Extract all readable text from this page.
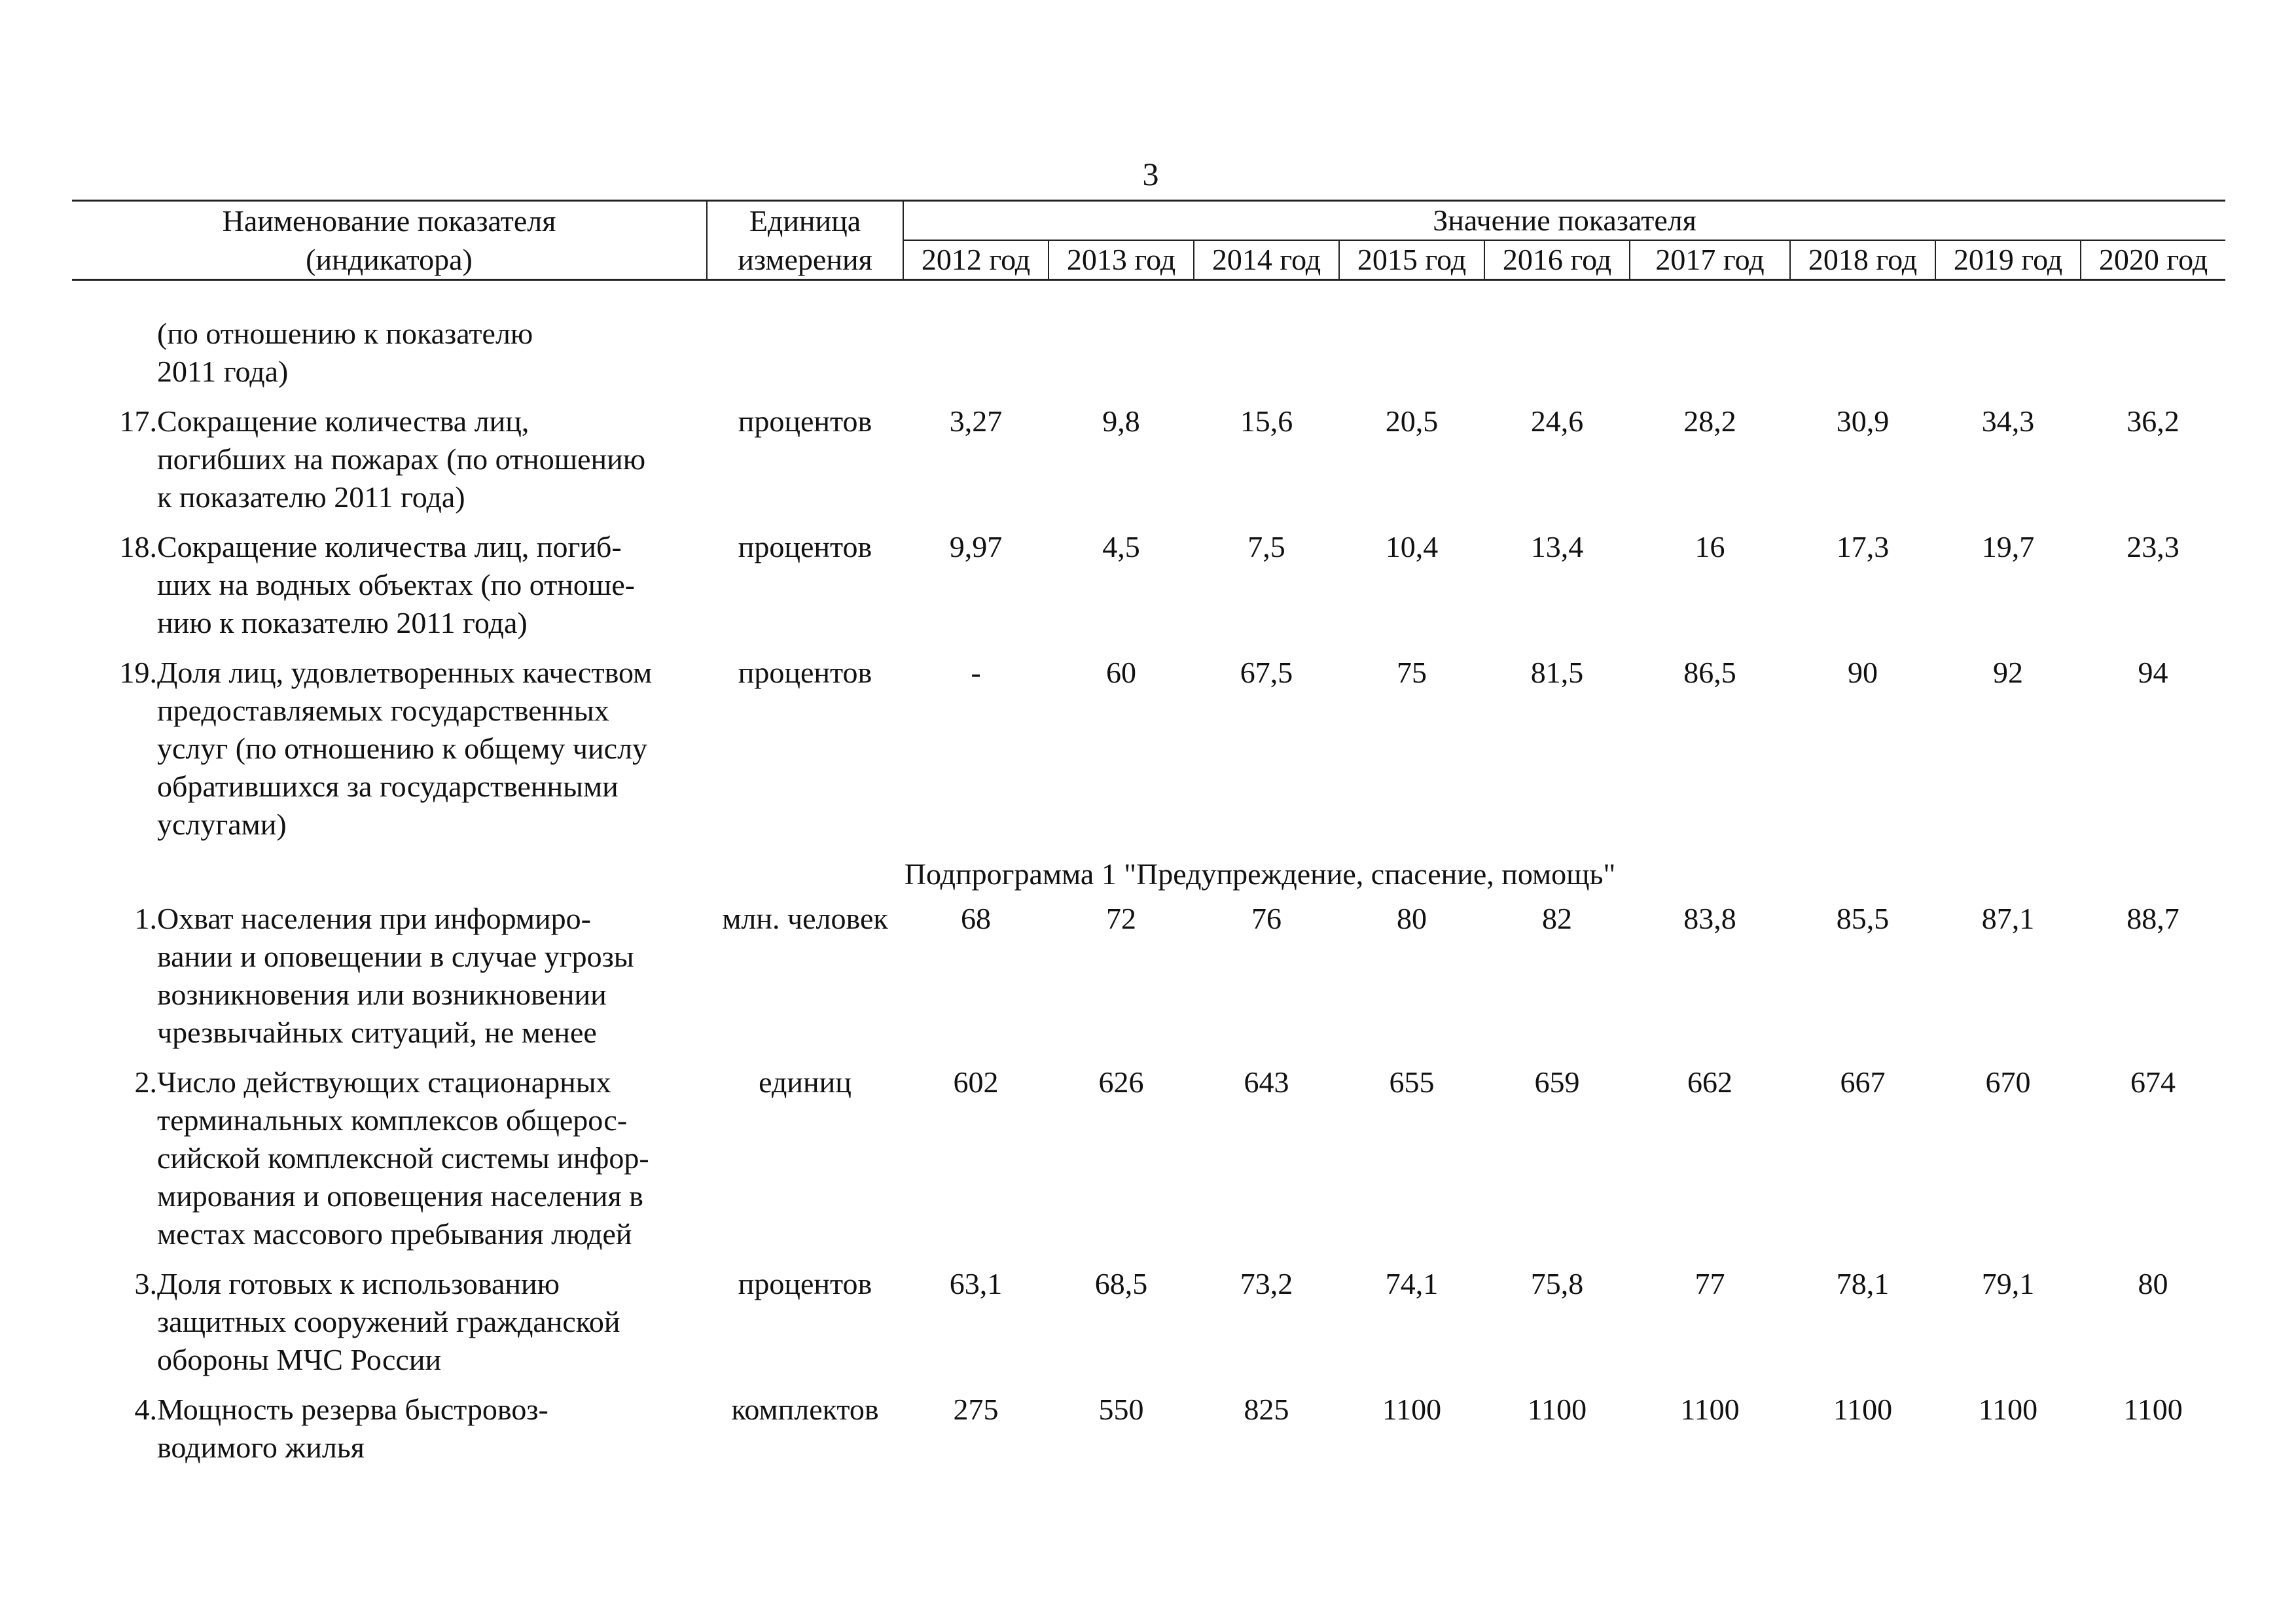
3
Наименование показателя		Единица	Значение показателя								
(индикатора)		измерения	2012 год	2013 год	2014 год	2015 год	2016 год	2017 год	2018 год	2019 год	2020 год

	(по отношению к показателю
2011 года)										

17.	Сокращение количества лиц,
погибших на пожарах (по отношению
к показателю 2011 года)	процентов	3,27	9,8	15,6	20,5	24,6	28,2	30,9	34,3	36,2
18.	Сокращение количества лиц, погиб-
ших на водных объектах (по отноше-
нию к показателю 2011 года)	процентов	9,97	4,5	7,5	10,4	13,4	16	17,3	19,7	23,3
19.	Доля лиц, удовлетворенных качеством
предоставляемых государственных
услуг (по отношению к общему числу
обратившихся за государственными
услугами)	процентов	-	60	67,5	75	81,5	86,5	90	92	94
Подпрограмма 1 "Предупреждение, спасение, помощь"											
1.	Охват населения при информиро-
вании и оповещении в случае угрозы
возникновения или возникновении
чрезвычайных ситуаций, не менее	млн. человек	68	72	76	80	82	83,8	85,5	87,1	88,7
2.	Число действующих стационарных
терминальных комплексов общерос-
сийской комплексной системы инфор-
мирования и оповещения населения в
местах массового пребывания людей	единиц	602	626	643	655	659	662	667	670	674
3.	Доля готовых к использованию
защитных сооружений гражданской
обороны МЧС России	процентов	63,1	68,5	73,2	74,1	75,8	77	78,1	79,1	80
4.	Мощность резерва быстровоз-
водимого жилья	комплектов	275	550	825	1100	1100	1100	1100	1100	1100
